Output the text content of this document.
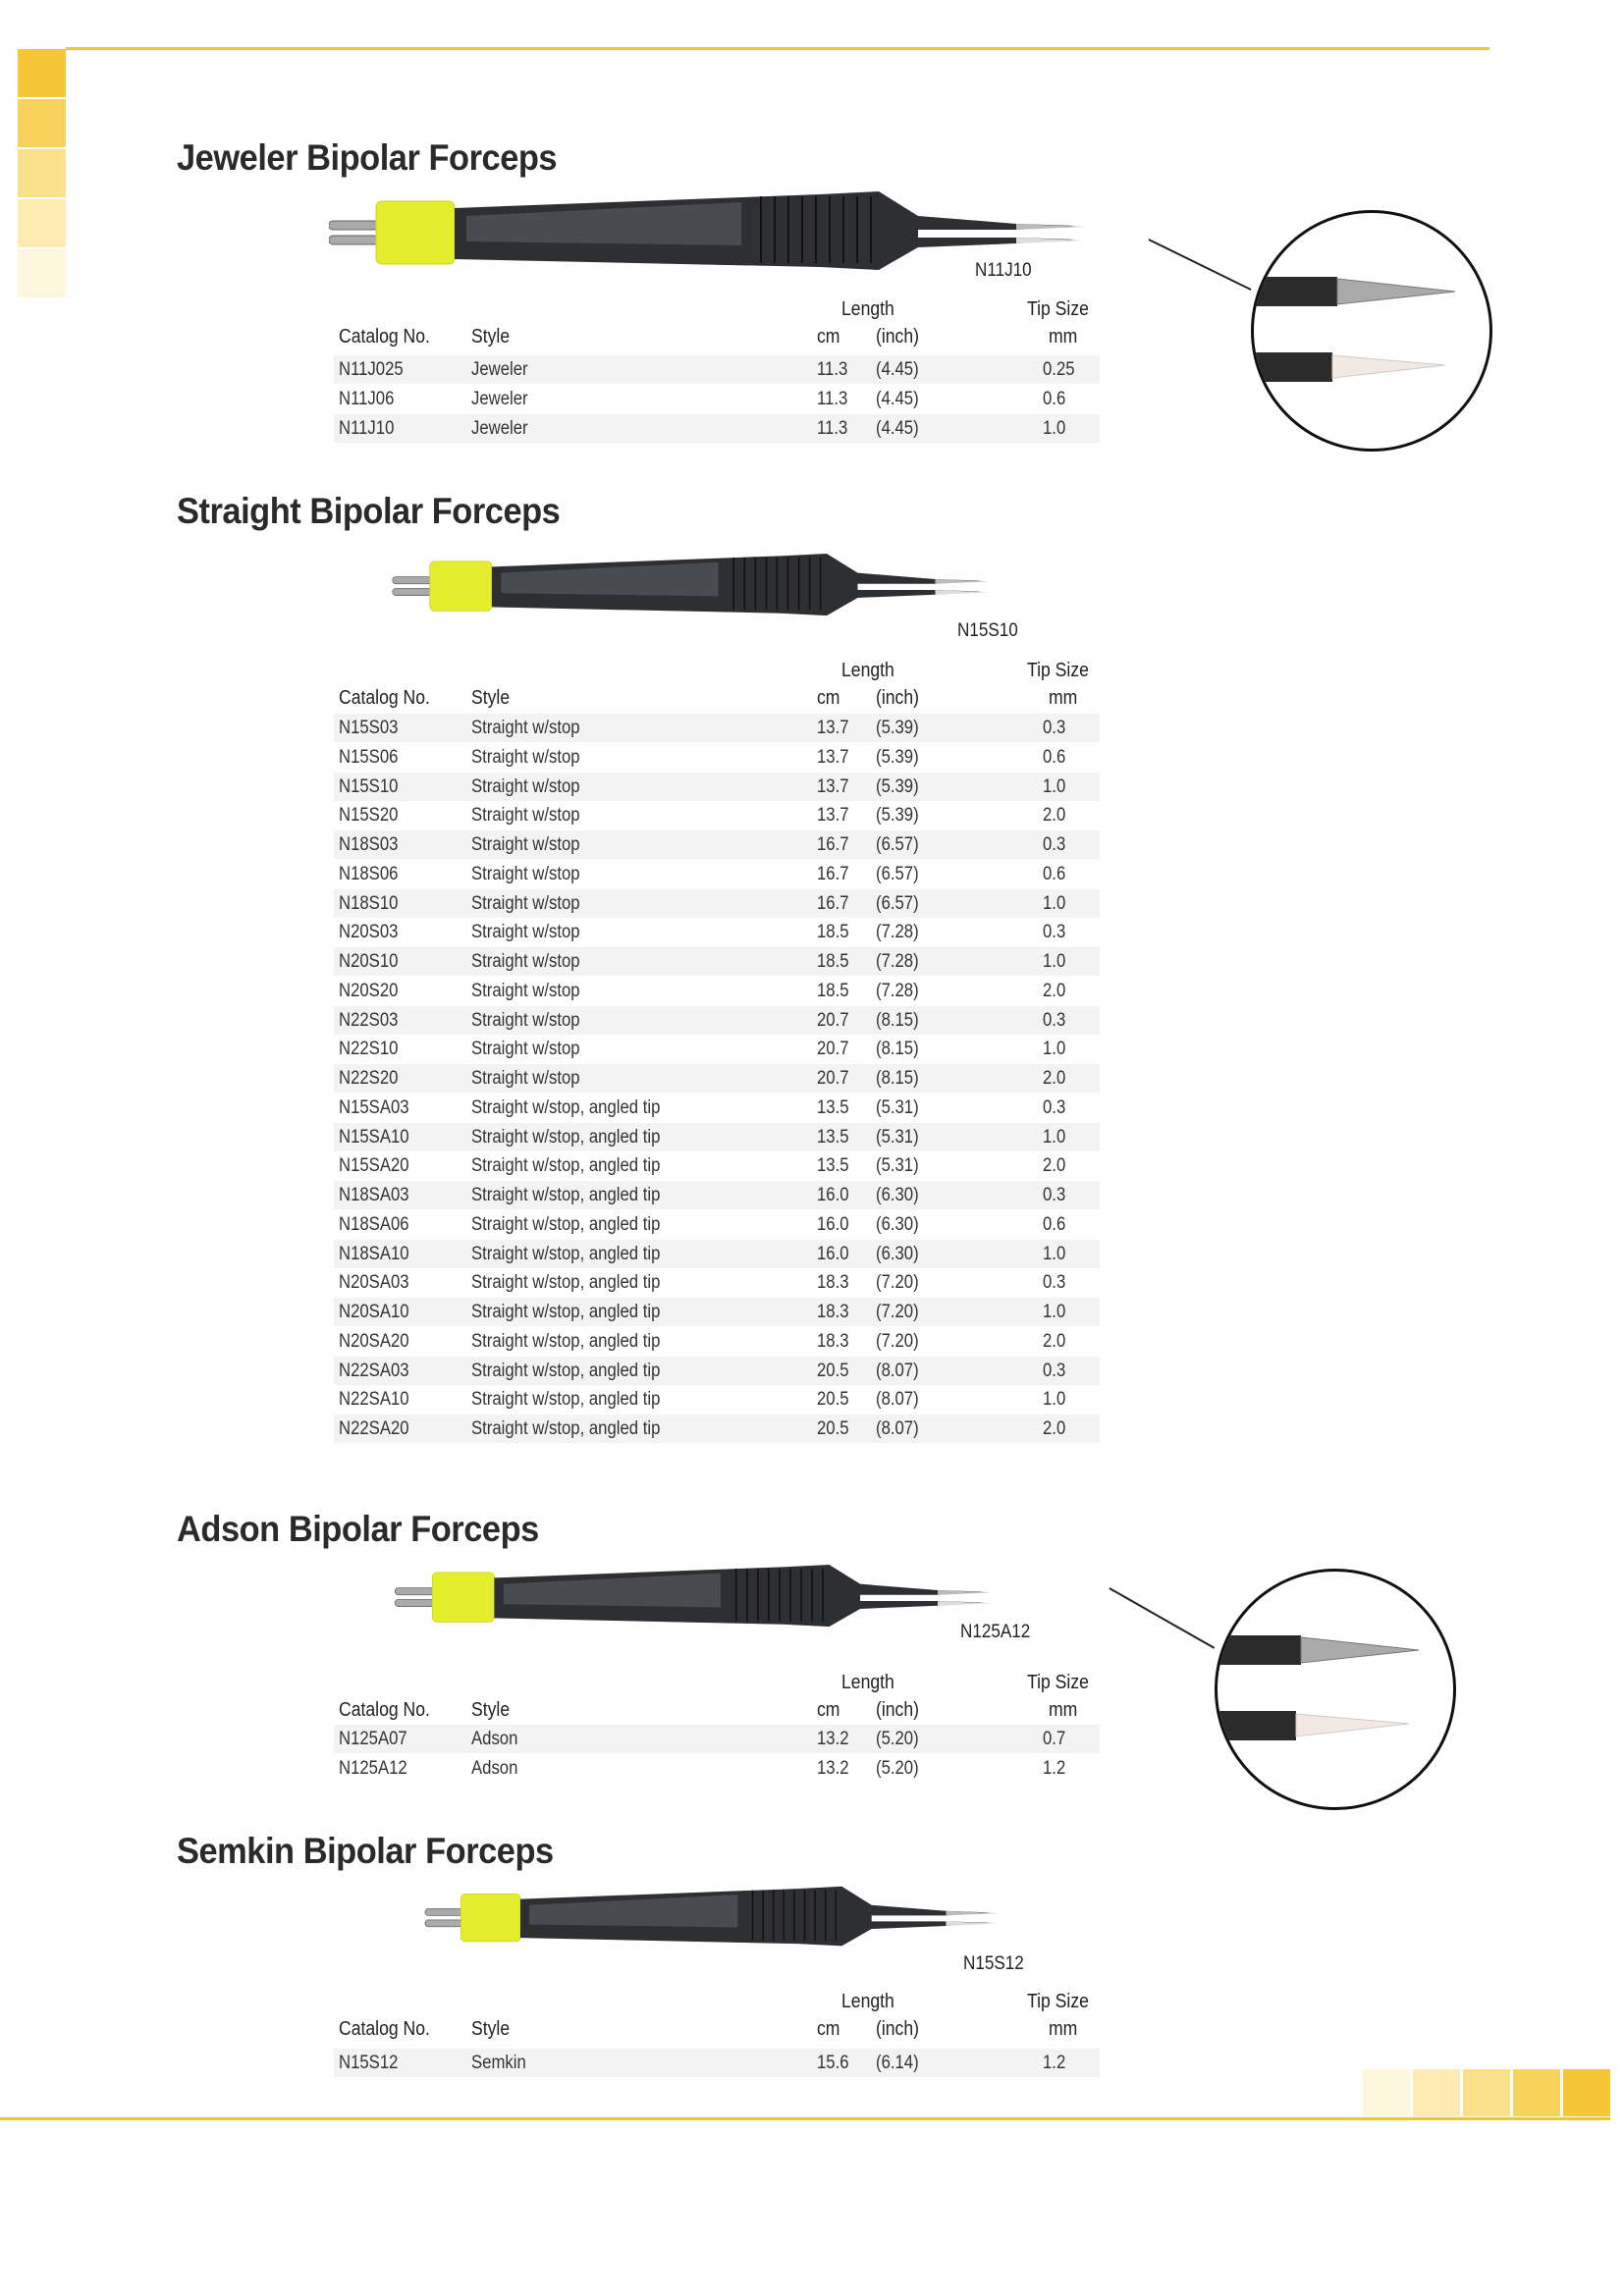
Jeweler Bipolar Forceps
N11J10
Length	Tip Size
Catalog No. Style	cm (inch)	mm
N11J025	Jeweler	11.3 (4.45)	0.25
N11J06	Jeweler	11.3 (4.45)	0.6
N11J10	Jeweler	11.3 (4.45)	1.0
Straight Bipolar Forceps
N15S10
Length	Tip Size
Catalog No. Style	cm (inch)	mm
N15S03	Straight w/stop	13.7 (5.39)	0.3
N15S06	Straight w/stop	13.7 (5.39)	0.6
N15S10	Straight w/stop	13.7 (5.39)	1.0
N15S20	Straight w/stop	13.7 (5.39)	2.0
N18S03	Straight w/stop	16.7 (6.57)	0.3
N18S06	Straight w/stop	16.7 (6.57)	0.6
N18S10	Straight w/stop	16.7 (6.57)	1.0
N20S03	Straight w/stop	18.5 (7.28)	0.3
N20S10	Straight w/stop	18.5 (7.28)	1.0
N20S20	Straight w/stop	18.5 (7.28)	2.0
N22S03	Straight w/stop	20.7 (8.15)	0.3
N22S10	Straight w/stop	20.7 (8.15)	1.0
N22S20	Straight w/stop	20.7 (8.15)	2.0
N15SA03	Straight w/stop, angled tip	13.5 (5.31)	0.3
N15SA10	Straight w/stop, angled tip	13.5 (5.31)	1.0
N15SA20	Straight w/stop, angled tip	13.5 (5.31)	2.0
N18SA03	Straight w/stop, angled tip	16.0 (6.30)	0.3
N18SA06	Straight w/stop, angled tip	16.0 (6.30)	0.6
N18SA10	Straight w/stop, angled tip	16.0 (6.30)	1.0
N20SA03	Straight w/stop, angled tip	18.3 (7.20)	0.3
N20SA10	Straight w/stop, angled tip	18.3 (7.20)	1.0
N20SA20	Straight w/stop, angled tip	18.3 (7.20)	2.0
N22SA03	Straight w/stop, angled tip	20.5 (8.07)	0.3
N22SA10	Straight w/stop, angled tip	20.5 (8.07)	1.0
N22SA20	Straight w/stop, angled tip	20.5 (8.07)	2.0
Adson Bipolar Forceps
N125A12
Length	Tip Size
Catalog No. Style	cm (inch)	mm
N125A07	Adson	13.2 (5.20)	0.7
N125A12	Adson	13.2 (5.20)	1.2
Semkin Bipolar Forceps
N15S12
Length	Tip Size
Catalog No. Style	cm (inch)	mm
N15S12	Semkin	15.6 (6.14)	1.2
